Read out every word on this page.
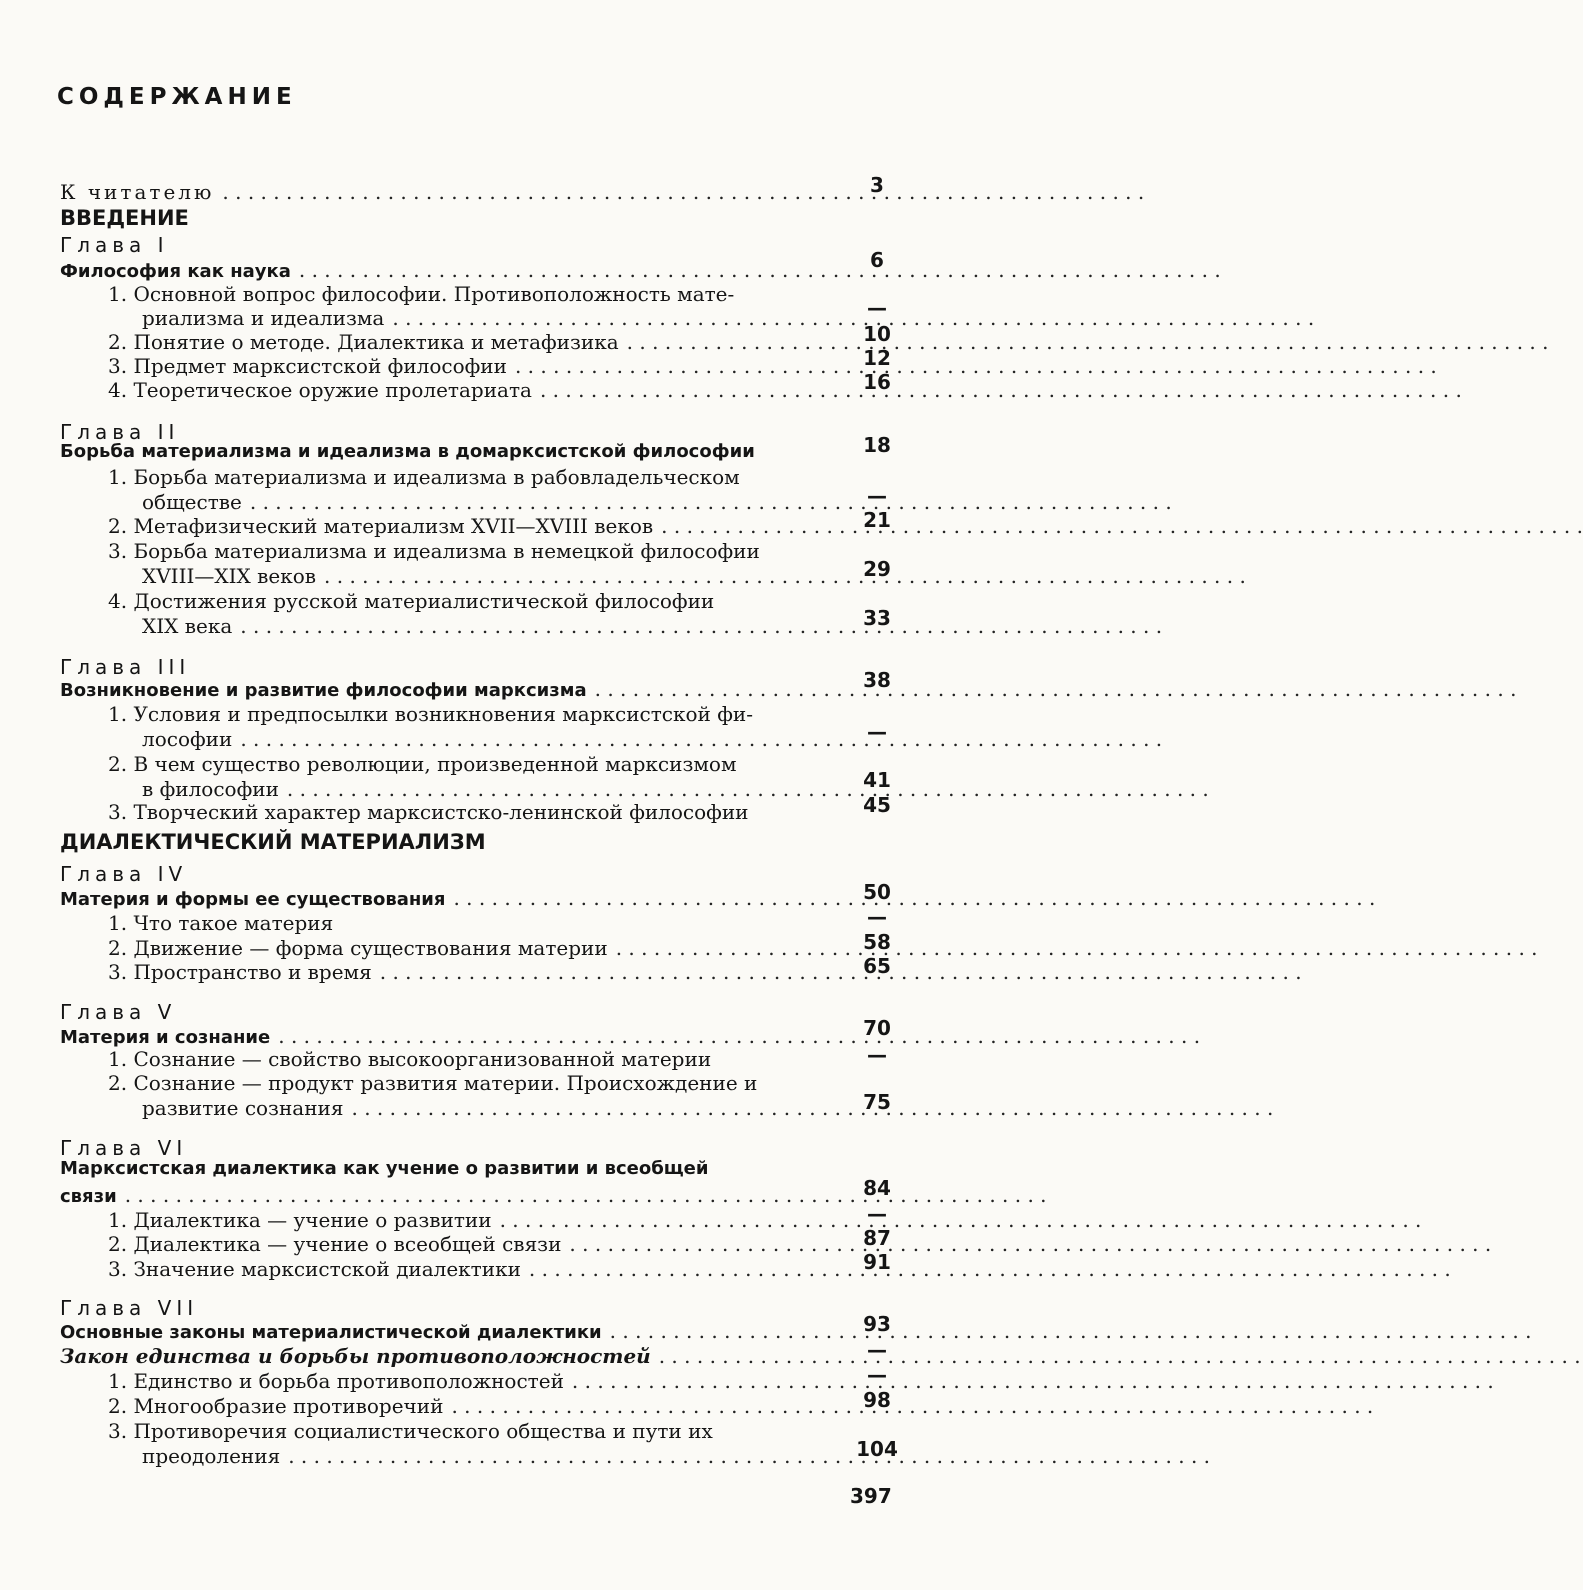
СОДЕРЖАНИЕ
К читателю . . .	3
ВВЕДЕНИЕ
Глава I
Философия как наука . . .	6
1. Основной вопрос философии. Противоположность мате-
риализма и идеализма . . .	—
2. Понятие о методе. Диалектика и метафизика . . .	10
3. Предмет марксистской философии . . .	12
4. Теоретическое оружие пролетариата . . .	16
Глава II
Борьба материализма и идеализма в домарксистской философии	18
1. Борьба материализма и идеализма в рабовладельческом
обществе . . .	—
2. Метафизический материализм XVII—XVIII веков . . .	21
3. Борьба материализма и идеализма в немецкой философии
XVIII—XIX веков . . .	29
4. Достижения русской материалистической философии
XIX века . . .	33
Глава III
Возникновение и развитие философии марксизма . . .	38
1. Условия и предпосылки возникновения марксистской фи-
лософии . . .	—
2. В чем существо революции, произведенной марксизмом
в философии . . .	41
3. Творческий характер марксистско-ленинской философии	45
ДИАЛЕКТИЧЕСКИЙ МАТЕРИАЛИЗМ
Глава IV
Материя и формы ее существования . . .	50
1. Что такое материя	—
2. Движение — форма существования материи . . .	58
3. Пространство и время . . .	65
Глава V
Материя и сознание . . .	70
1. Сознание — свойство высокоорганизованной материи	—
2. Сознание — продукт развития материи. Происхождение и
развитие сознания . . .	75
Глава VI
Марксистская диалектика как учение о развитии и всеобщей
связи . . .	84
1. Диалектика — учение о развитии . . .	—
2. Диалектика — учение о всеобщей связи . . .	87
3. Значение марксистской диалектики . . .	91
Глава VII
Основные законы материалистической диалектики . . .	93
Закон единства и борьбы противоположностей . . .	—
1. Единство и борьба противоположностей . . .	—
2. Многообразие противоречий . . .	98
3. Противоречия социалистического общества и пути их
преодоления . . .	104
397
